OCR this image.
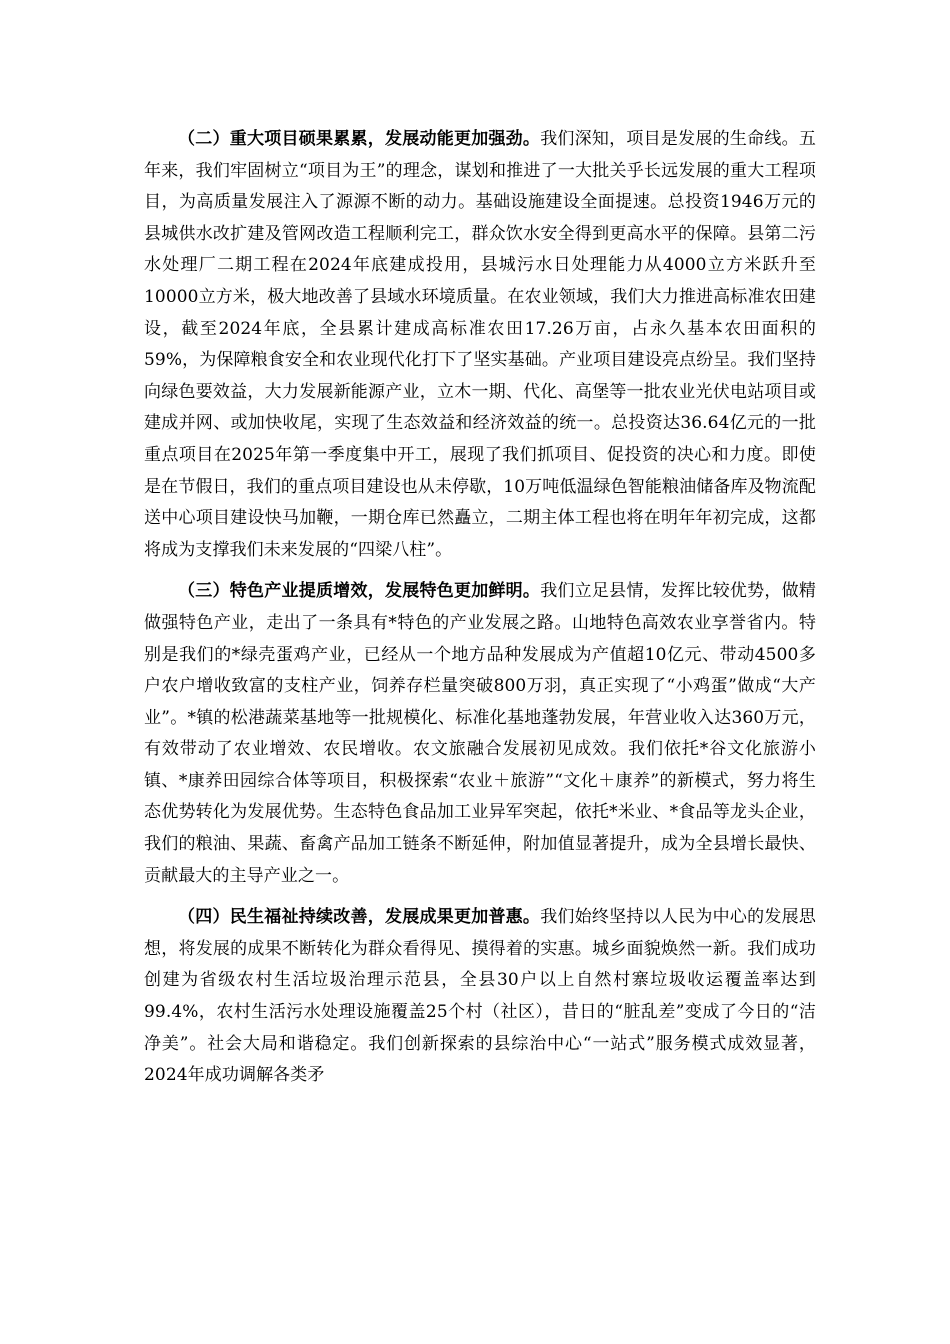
（二）重大项目硕果累累，发展动能更加强劲。我们深知，项目是发展的生命线。五年来，我们牢固树立“项目为王”的理念，谋划和推进了一大批关乎长远发展的重大工程项目，为高质量发展注入了源源不断的动力。基础设施建设全面提速。总投资1946万元的县城供水改扩建及管网改造工程顺利完工，群众饮水安全得到更高水平的保障。县第二污水处理厂二期工程在2024年底建成投用，县城污水日处理能力从4000立方米跃升至10000立方米，极大地改善了县域水环境质量。在农业领域，我们大力推进高标准农田建设，截至2024年底，全县累计建成高标准农田17.26万亩，占永久基本农田面积的59%，为保障粮食安全和农业现代化打下了坚实基础。产业项目建设亮点纷呈。我们坚持向绿色要效益，大力发展新能源产业，立木一期、代化、高堡等一批农业光伏电站项目或建成并网、或加快收尾，实现了生态效益和经济效益的统一。总投资达36.64亿元的一批重点项目在2025年第一季度集中开工，展现了我们抓项目、促投资的决心和力度。即使是在节假日，我们的重点项目建设也从未停歇，10万吨低温绿色智能粮油储备库及物流配送中心项目建设快马加鞭，一期仓库已然矗立，二期主体工程也将在明年年初完成，这都将成为支撑我们未来发展的“四梁八柱”。

（三）特色产业提质增效，发展特色更加鲜明。我们立足县情，发挥比较优势，做精做强特色产业，走出了一条具有*特色的产业发展之路。山地特色高效农业享誉省内。特别是我们的*绿壳蛋鸡产业，已经从一个地方品种发展成为产值超10亿元、带动4500多户农户增收致富的支柱产业，饲养存栏量突破800万羽，真正实现了“小鸡蛋”做成“大产业”。*镇的松港蔬菜基地等一批规模化、标准化基地蓬勃发展，年营业收入达360万元，有效带动了农业增效、农民增收。农文旅融合发展初见成效。我们依托*谷文化旅游小镇、*康养田园综合体等项目，积极探索“农业＋旅游”“文化＋康养”的新模式，努力将生态优势转化为发展优势。生态特色食品加工业异军突起，依托*米业、*食品等龙头企业，我们的粮油、果蔬、畜禽产品加工链条不断延伸，附加值显著提升，成为全县增长最快、贡献最大的主导产业之一。

（四）民生福祉持续改善，发展成果更加普惠。我们始终坚持以人民为中心的发展思想，将发展的成果不断转化为群众看得见、摸得着的实惠。城乡面貌焕然一新。我们成功创建为省级农村生活垃圾治理示范县，全县30户以上自然村寨垃圾收运覆盖率达到99.4%，农村生活污水处理设施覆盖25个村（社区），昔日的“脏乱差”变成了今日的“洁净美”。社会大局和谐稳定。我们创新探索的县综治中心“一站式”服务模式成效显著，2024年成功调解各类矛
